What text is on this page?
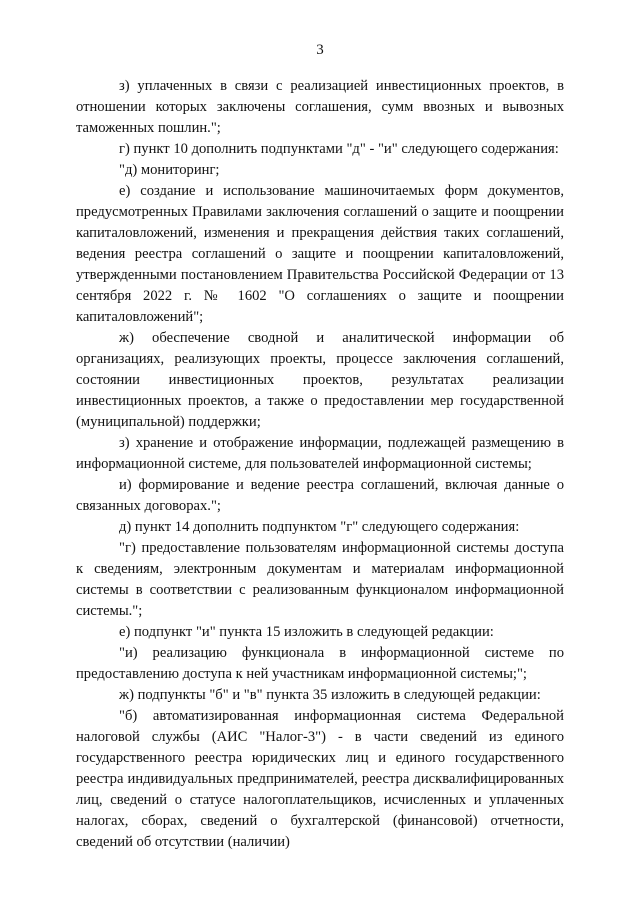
3

з) уплаченных в связи с реализацией инвестиционных проектов, в отношении которых заключены соглашения, сумм ввозных и вывозных таможенных пошлин.";

г) пункт 10 дополнить подпунктами "д" - "и" следующего содержания:

"д) мониторинг;

е) создание и использование машиночитаемых форм документов, предусмотренных Правилами заключения соглашений о защите и поощрении капиталовложений, изменения и прекращения действия таких соглашений, ведения реестра соглашений о защите и поощрении капиталовложений, утвержденными постановлением Правительства Российской Федерации от 13 сентября 2022 г. № 1602 "О соглашениях о защите и поощрении капиталовложений";

ж) обеспечение сводной и аналитической информации об организациях, реализующих проекты, процессе заключения соглашений, состоянии инвестиционных проектов, результатах реализации инвестиционных проектов, а также о предоставлении мер государственной (муниципальной) поддержки;

з) хранение и отображение информации, подлежащей размещению в информационной системе, для пользователей информационной системы;

и) формирование и ведение реестра соглашений, включая данные о связанных договорах.";

д) пункт 14 дополнить подпунктом "г" следующего содержания:

"г) предоставление пользователям информационной системы доступа к сведениям, электронным документам и материалам информационной системы в соответствии с реализованным функционалом информационной системы.";

е) подпункт "и" пункта 15 изложить в следующей редакции:

"и) реализацию функционала в информационной системе по предоставлению доступа к ней участникам информационной системы;";

ж) подпункты "б" и "в" пункта 35 изложить в следующей редакции:

"б) автоматизированная информационная система Федеральной налоговой службы (АИС "Налог-3") - в части сведений из единого государственного реестра юридических лиц и единого государственного реестра индивидуальных предпринимателей, реестра дисквалифицированных лиц, сведений о статусе налогоплательщиков, исчисленных и уплаченных налогах, сборах, сведений о бухгалтерской (финансовой) отчетности, сведений об отсутствии (наличии)
